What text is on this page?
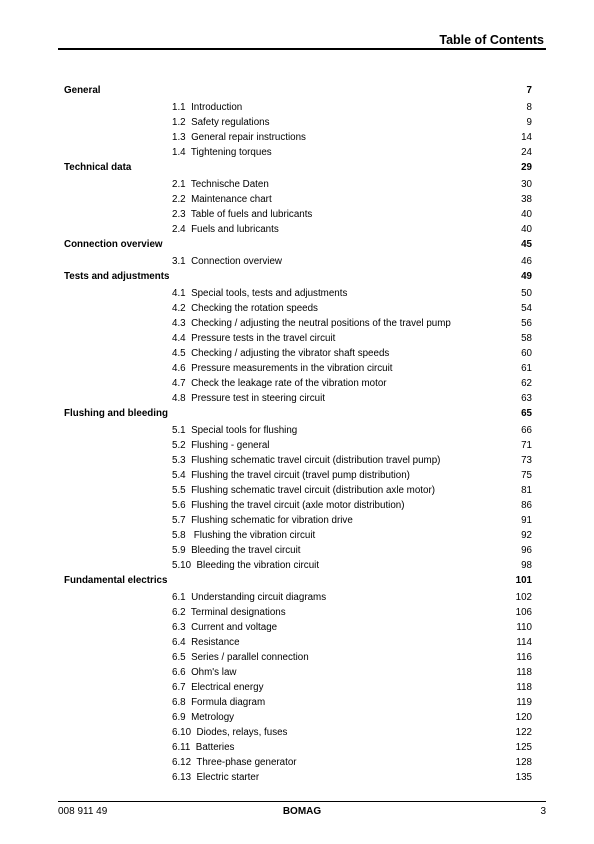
Table of Contents
General	7
1.1  Introduction	8
1.2  Safety regulations	9
1.3  General repair instructions	14
1.4  Tightening torques	24
Technical data	29
2.1  Technische Daten	30
2.2  Maintenance chart	38
2.3  Table of fuels and lubricants	40
2.4  Fuels and lubricants	40
Connection overview	45
3.1  Connection overview	46
Tests and adjustments	49
4.1  Special tools, tests and adjustments	50
4.2  Checking the rotation speeds	54
4.3  Checking / adjusting the neutral positions of the travel pump	56
4.4  Pressure tests in the travel circuit	58
4.5  Checking / adjusting the vibrator shaft speeds	60
4.6  Pressure measurements in the vibration circuit	61
4.7  Check the leakage rate of the vibration motor	62
4.8  Pressure test in steering circuit	63
Flushing and bleeding	65
5.1  Special tools for flushing	66
5.2  Flushing - general	71
5.3  Flushing schematic travel circuit (distribution travel pump)	73
5.4  Flushing the travel circuit (travel pump distribution)	75
5.5  Flushing schematic travel circuit (distribution axle motor)	81
5.6  Flushing the travel circuit (axle motor distribution)	86
5.7  Flushing schematic for vibration drive	91
5.8   Flushing the vibration circuit	92
5.9  Bleeding the travel circuit	96
5.10  Bleeding the vibration circuit	98
Fundamental electrics	101
6.1  Understanding circuit diagrams	102
6.2  Terminal designations	106
6.3  Current and voltage	110
6.4  Resistance	114
6.5  Series / parallel connection	116
6.6  Ohm's law	118
6.7  Electrical energy	118
6.8  Formula diagram	119
6.9  Metrology	120
6.10  Diodes, relays, fuses	122
6.11  Batteries	125
6.12  Three-phase generator	128
6.13  Electric starter	135
008 911 49	BOMAG	3
